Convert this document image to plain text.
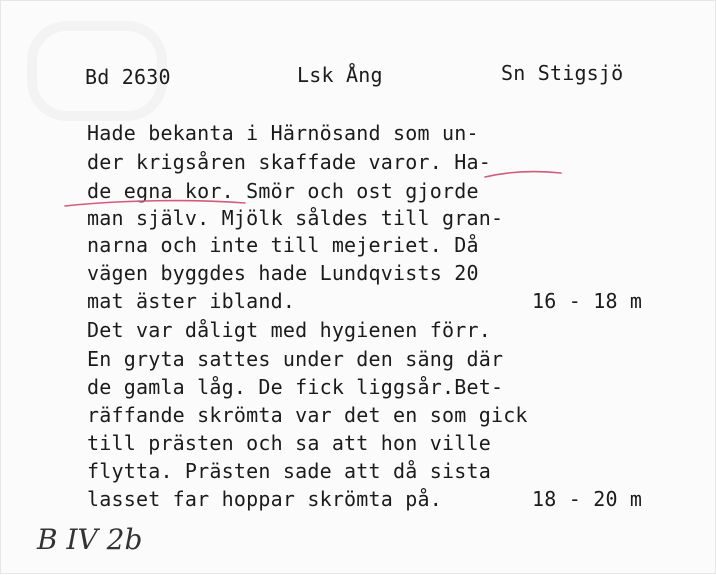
Bd 2630	Lsk Ång	Sn Stigsjö
Hade bekanta i Härnösand som un-
der krigsåren skaffade varor. Ha-
de egna kor. Smör och ost gjorde
man själv. Mjölk såldes till gran-
narna och inte till mejeriet. Då
vägen byggdes hade Lundqvists 20
mat äster ibland.
Det var dåligt med hygienen förr.
En gryta sattes under den säng där
de gamla låg. De fick liggsår.Bet-
räffande skrömta var det en som gick
till prästen och sa att hon ville
flytta. Prästen sade att då sista
lasset far hoppar skrömta på.
16 - 18 m
18 - 20 m
B IV 2b
